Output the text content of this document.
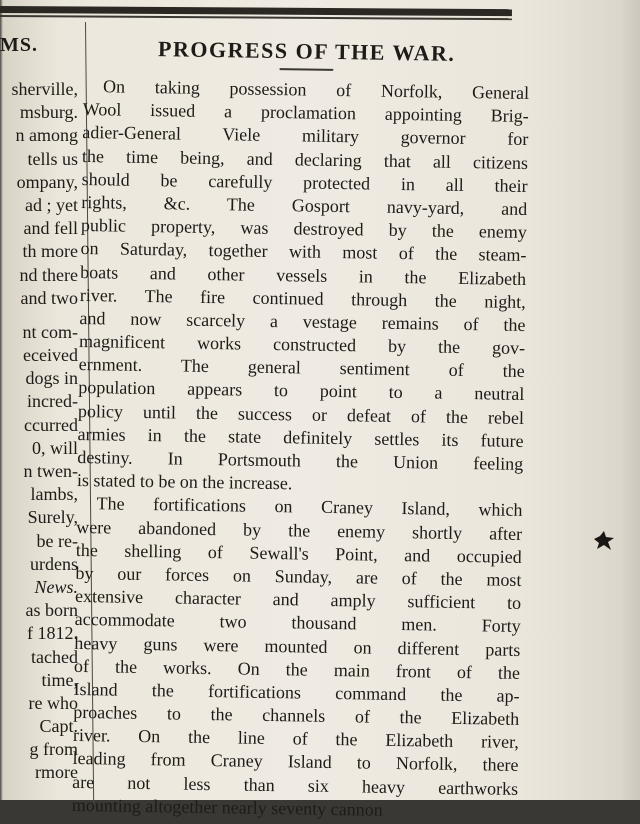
MS.
sherville,
msburg.
n among
tells us
ompany,
ad ; yet
and fell
th more
nd there
and two
nt com-
eceived
dogs in
incred-
ccurred
0, will
n twen-
lambs,
Surely,
be re-
urdens
News.
as born
f 1812.
tached
time,
re who
Capt.
g from
rmore
PROGRESS OF THE WAR.
On taking possession of Norfolk, General
Wool issued a proclamation appointing Brig-
adier-General Viele military governor for
the time being, and declaring that all citizens
should be carefully protected in all their
rights, &c. The Gosport navy-yard, and
public property, was destroyed by the enemy
on Saturday, together with most of the steam-
boats and other vessels in the Elizabeth
river. The fire continued through the night,
and now scarcely a vestage remains of the
magnificent works constructed by the gov-
ernment. The general sentiment of the
population appears to point to a neutral
policy until the success or defeat of the rebel
armies in the state definitely settles its future
destiny. In Portsmouth the Union feeling
is stated to be on the increase.
The fortifications on Craney Island, which
were abandoned by the enemy shortly after
the shelling of Sewall's Point, and occupied
by our forces on Sunday, are of the most
extensive character and amply sufficient to
accommodate two thousand men. Forty
heavy guns were mounted on different parts
of the works. On the main front of the
Island the fortifications command the ap-
proaches to the channels of the Elizabeth
river. On the line of the Elizabeth river,
leading from Craney Island to Norfolk, there
are not less than six heavy earthworks
mounting altogether nearly seventy cannon
